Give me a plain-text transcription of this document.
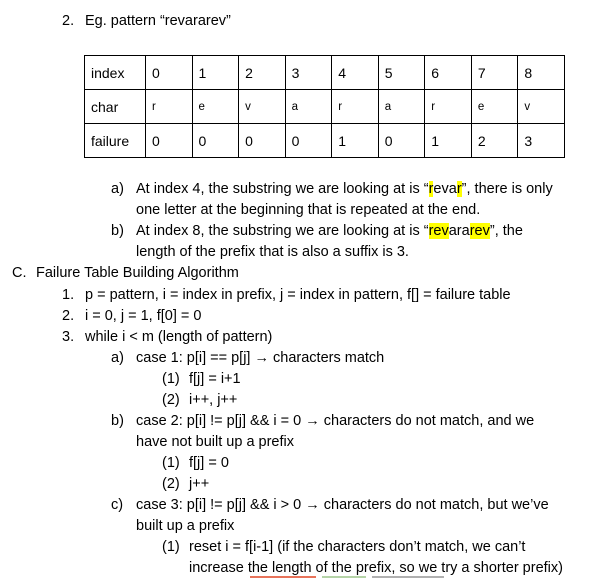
2. Eg. pattern “revararev”
index	0	1	2	3	4	5	6	7	8
char	r	e	v	a	r	a	r	e	v
failure	0	0	0	0	1	0	1	2	3
a) At index 4, the substring we are looking at is “revar”, there is only
one letter at the beginning that is repeated at the end.
b) At index 8, the substring we are looking at is “revararev”, the
length of the prefix that is also a suffix is 3.
C. Failure Table Building Algorithm
1. p = pattern, i = index in prefix, j = index in pattern, f[] = failure table
2. i = 0, j = 1, f[0] = 0
3. while i < m (length of pattern)
a) case 1: p[i] == p[j] → characters match
(1) f[j] = i+1
(2) i++, j++
b) case 2: p[i] != p[j] && i = 0 → characters do not match, and we
have not built up a prefix
(1) f[j] = 0
(2) j++
c) case 3: p[i] != p[j] && i > 0 → characters do not match, but we’ve
built up a prefix
(1) reset i = f[i-1] (if the characters don’t match, we can’t
increase the length of the prefix, so we try a shorter prefix)
